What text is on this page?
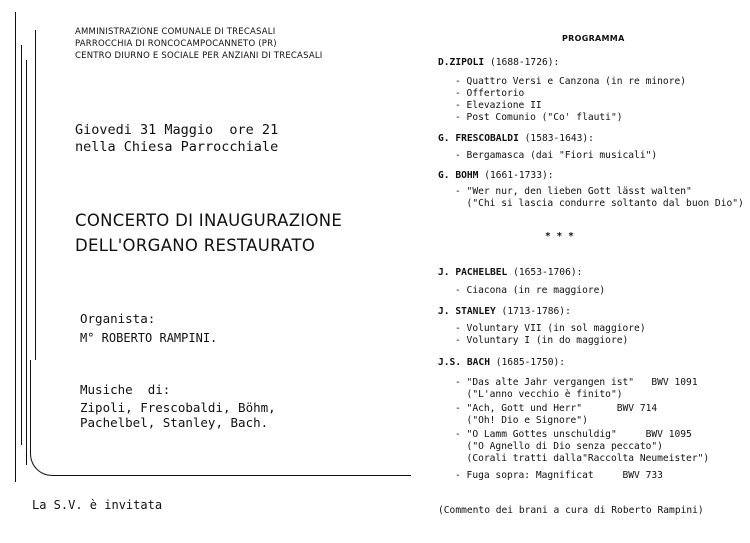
AMMINISTRAZIONE COMUNALE DI TRECASALI
PARROCCHIA DI RONCOCAMPOCANNETO (PR)
CENTRO DIURNO E SOCIALE PER ANZIANI DI TRECASALI
Giovedi 31 Maggio  ore 21
nella Chiesa Parrocchiale
CONCERTO DI INAUGURAZIONE
DELL'ORGANO RESTAURATO
Organista:
M° ROBERTO RAMPINI.
Musiche  di:
Zipoli, Frescobaldi, Böhm,
Pachelbel, Stanley, Bach.
La S.V. è invitata
PROGRAMMA
D.ZIPOLI (1688-1726):
- Quattro Versi e Canzona (in re minore)
- Offertorio
- Elevazione II
- Post Comunio ("Co' flauti")
G. FRESCOBALDI (1583-1643):
- Bergamasca (dai "Fiori musicali")
G. BOHM (1661-1733):
- "Wer nur, den lieben Gott lässt walten"
("Chi si lascia condurre soltanto dal buon Dio")
* * *
J. PACHELBEL (1653-1706):
- Ciacona (in re maggiore)
J. STANLEY (1713-1786):
- Voluntary VII (in sol maggiore)
- Voluntary I (in do maggiore)
J.S. BACH (1685-1750):
- "Das alte Jahr vergangen ist"   BWV 1091
("L'anno vecchio è finito")
- "Ach, Gott und Herr"      BWV 714
("Oh! Dio e Signore")
- "O Lamm Gottes unschuldig"     BWV 1095
("O Agnello di Dio senza peccato")
(Corali tratti dalla"Raccolta Neumeister")
- Fuga sopra: Magnificat     BWV 733
(Commento dei brani a cura di Roberto Rampini)
